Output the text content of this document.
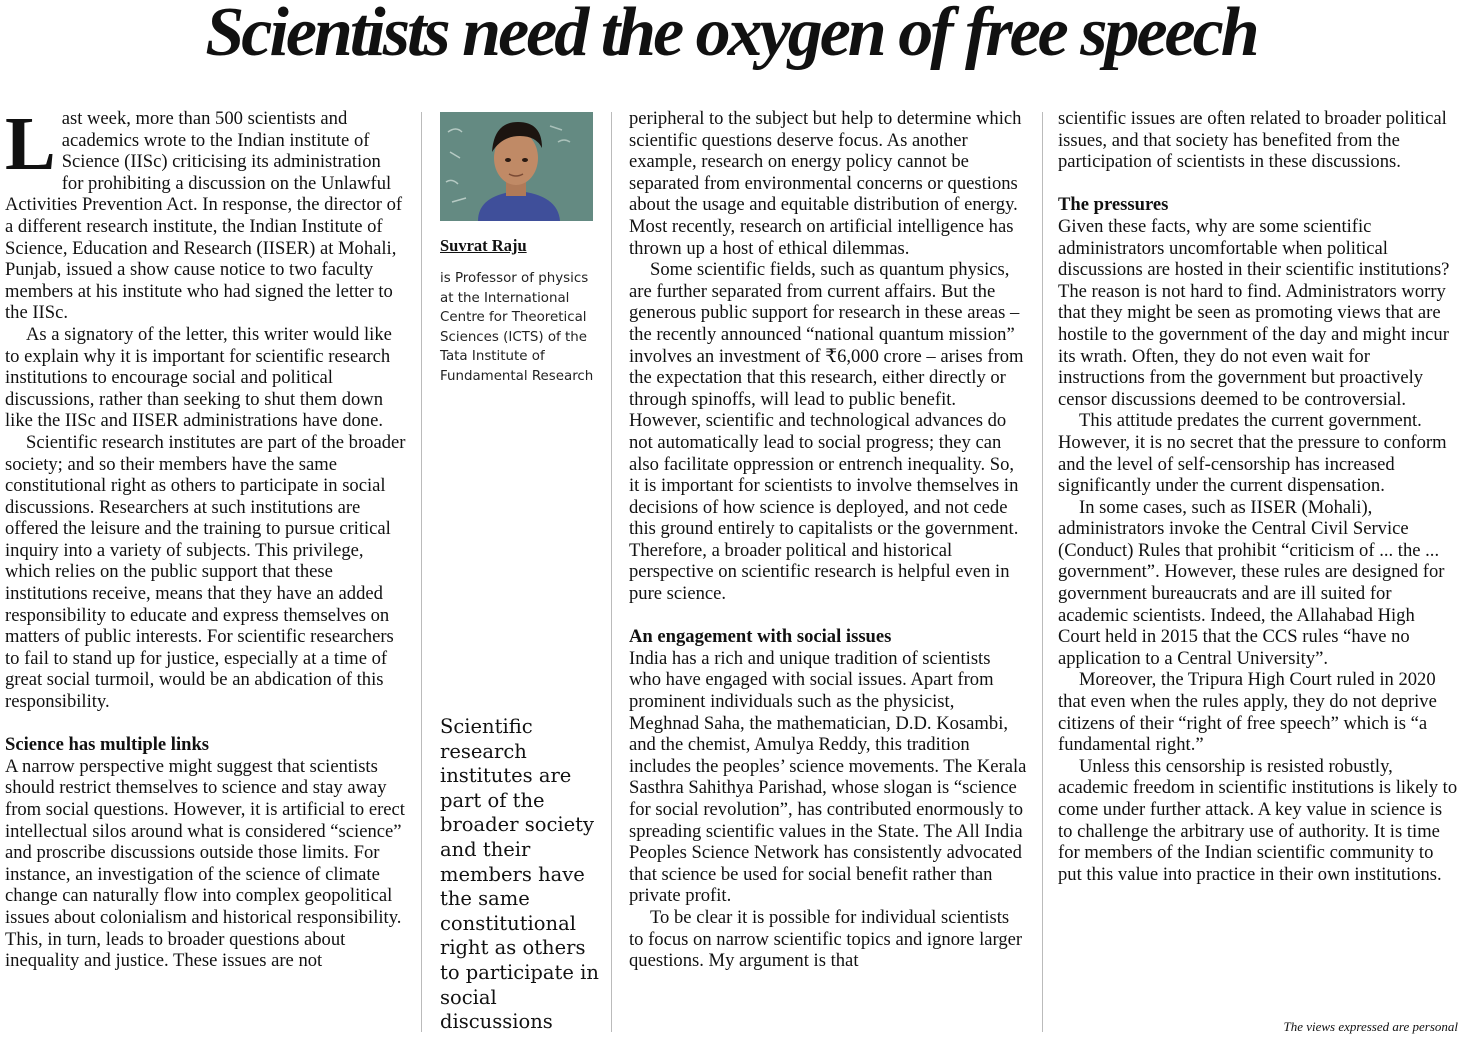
Scientists need the oxygen of free speech

Last week, more than 500 scientists and academics wrote to the Indian institute of Science (IISc) criticising its administration for prohibiting a discussion on the Unlawful Activities Prevention Act. In response, the director of a different research institute, the Indian Institute of Science, Education and Research (IISER) at Mohali, Punjab, issued a show cause notice to two faculty members at his institute who had signed the letter to the IISc.

As a signatory of the letter, this writer would like to explain why it is important for scientific research institutions to encourage social and political discussions, rather than seeking to shut them down like the IISc and IISER administrations have done.

Scientific research institutes are part of the broader society; and so their members have the same constitutional right as others to participate in social discussions. Researchers at such institutions are offered the leisure and the training to pursue critical inquiry into a variety of subjects. This privilege, which relies on the public support that these institutions receive, means that they have an added responsibility to educate and express themselves on matters of public interests. For scientific researchers to fail to stand up for justice, especially at a time of great social turmoil, would be an abdication of this responsibility.

Science has multiple links

A narrow perspective might suggest that scientists should restrict themselves to science and stay away from social questions. However, it is artificial to erect intellectual silos around what is considered “science” and proscribe discussions outside those limits. For instance, an investigation of the science of climate change can naturally flow into complex geopolitical issues about colonialism and historical responsibility. This, in turn, leads to broader questions about inequality and justice. These issues are not

Suvrat Raju
is Professor of physics at the International Centre for Theoretical Sciences (ICTS) of the Tata Institute of Fundamental Research
Scientific research institutes are part of the broader society and their members have the same constitutional right as others to participate in social discussions

peripheral to the subject but help to determine which scientific questions deserve focus. As another example, research on energy policy cannot be separated from environmental concerns or questions about the usage and equitable distribution of energy. Most recently, research on artificial intelligence has thrown up a host of ethical dilemmas.

Some scientific fields, such as quantum physics, are further separated from current affairs. But the generous public support for research in these areas – the recently announced “national quantum mission” involves an investment of ₹6,000 crore – arises from the expectation that this research, either directly or through spinoffs, will lead to public benefit. However, scientific and technological advances do not automatically lead to social progress; they can also facilitate oppression or entrench inequality. So, it is important for scientists to involve themselves in decisions of how science is deployed, and not cede this ground entirely to capitalists or the government. Therefore, a broader political and historical perspective on scientific research is helpful even in pure science.

An engagement with social issues

India has a rich and unique tradition of scientists who have engaged with social issues. Apart from prominent individuals such as the physicist, Meghnad Saha, the mathematician, D.D. Kosambi, and the chemist, Amulya Reddy, this tradition includes the peoples’ science movements. The Kerala Sasthra Sahithya Parishad, whose slogan is “science for social revolution”, has contributed enormously to spreading scientific values in the State. The All India Peoples Science Network has consistently advocated that science be used for social benefit rather than private profit.

To be clear it is possible for individual scientists to focus on narrow scientific topics and ignore larger questions. My argument is that

scientific issues are often related to broader political issues, and that society has benefited from the participation of scientists in these discussions.

The pressures

Given these facts, why are some scientific administrators uncomfortable when political discussions are hosted in their scientific institutions? The reason is not hard to find. Administrators worry that they might be seen as promoting views that are hostile to the government of the day and might incur its wrath. Often, they do not even wait for instructions from the government but proactively censor discussions deemed to be controversial.

This attitude predates the current government. However, it is no secret that the pressure to conform and the level of self-censorship has increased significantly under the current dispensation.

In some cases, such as IISER (Mohali), administrators invoke the Central Civil Service (Conduct) Rules that prohibit “criticism of ... the ... government”. However, these rules are designed for government bureaucrats and are ill suited for academic scientists. Indeed, the Allahabad High Court held in 2015 that the CCS rules “have no application to a Central University”.

Moreover, the Tripura High Court ruled in 2020 that even when the rules apply, they do not deprive citizens of their “right of free speech” which is “a fundamental right.”

Unless this censorship is resisted robustly, academic freedom in scientific institutions is likely to come under further attack. A key value in science is to challenge the arbitrary use of authority. It is time for members of the Indian scientific community to put this value into practice in their own institutions.

The views expressed are personal
